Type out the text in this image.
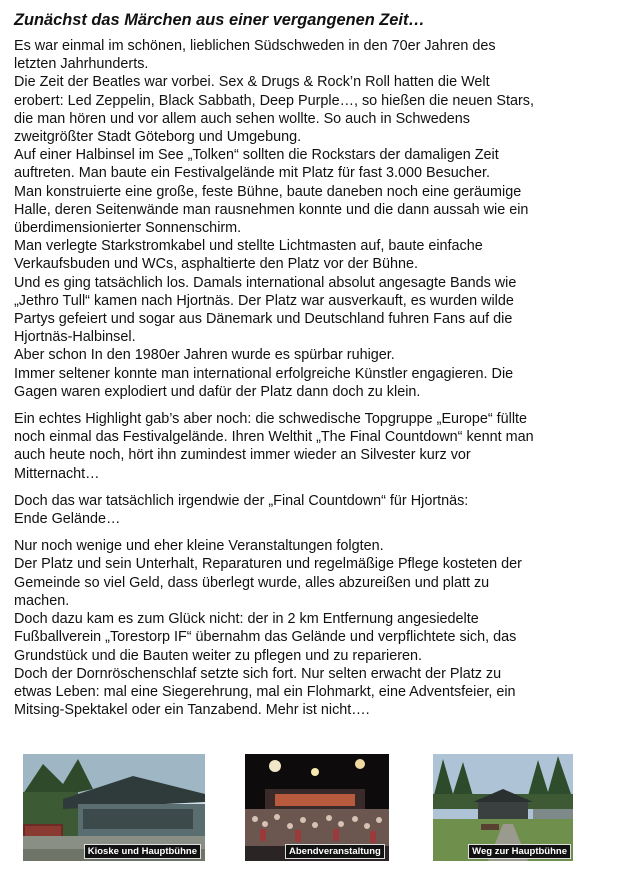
Zunächst das Märchen aus einer vergangenen Zeit…
Es war einmal im schönen, lieblichen Südschweden in den 70er Jahren des
letzten Jahrhunderts.
Die Zeit der Beatles war vorbei. Sex & Drugs & Rock’n Roll hatten die Welt
erobert: Led Zeppelin, Black Sabbath, Deep Purple…, so hießen die neuen Stars,
die man hören und vor allem auch sehen wollte. So auch in Schwedens
zweitgrößter Stadt Göteborg und Umgebung.
Auf einer Halbinsel im See „Tolken“ sollten die Rockstars der damaligen Zeit
auftreten. Man baute ein Festivalgelände mit Platz für fast 3.000 Besucher.
Man konstruierte eine große, feste Bühne, baute daneben noch eine geräumige
Halle, deren Seitenwände man rausnehmen konnte und die dann aussah wie ein
überdimensionierter Sonnenschirm.
Man verlegte Starkstromkabel und stellte Lichtmasten auf, baute einfache
Verkaufsbuden und WCs, asphaltierte den Platz vor der Bühne.
Und es ging tatsächlich los. Damals international absolut angesagte Bands wie
„Jethro Tull“ kamen nach Hjortnäs. Der Platz war ausverkauft, es wurden wilde
Partys gefeiert und sogar aus Dänemark und Deutschland fuhren Fans auf die
Hjortnäs-Halbinsel.
Aber schon In den 1980er Jahren wurde es spürbar ruhiger.
Immer seltener konnte man international erfolgreiche Künstler engagieren. Die
Gagen waren explodiert und dafür der Platz dann doch zu klein.
Ein echtes Highlight gab’s aber noch: die schwedische Topgruppe „Europe“ füllte
noch einmal das Festivalgelände. Ihren Welthit „The Final Countdown“ kennt man
auch heute noch, hört ihn zumindest immer wieder an Silvester kurz vor
Mitternacht…
Doch das war tatsächlich irgendwie der „Final Countdown“ für Hjortnäs:
Ende Gelände…
Nur noch wenige und eher kleine Veranstaltungen folgten.
Der Platz und sein Unterhalt, Reparaturen und regelmäßige Pflege kosteten der
Gemeinde so viel Geld, dass überlegt wurde, alles abzureißen und platt zu
machen.
Doch dazu kam es zum Glück nicht: der in 2 km Entfernung angesiedelte
Fußballverein „Torestorp IF“ übernahm das Gelände und verpflichtete sich, das
Grundstück und die Bauten weiter zu pflegen und zu reparieren.
Doch der Dornröschenschlaf setzte sich fort. Nur selten erwacht der Platz zu
etwas Leben: mal eine Siegerehrung, mal ein Flohmarkt, eine Adventsfeier, ein
Mitsing-Spektakel oder ein Tanzabend. Mehr ist nicht….
Kioske und Hauptbühne	Abendveranstaltung	Weg zur Hauptbühne
